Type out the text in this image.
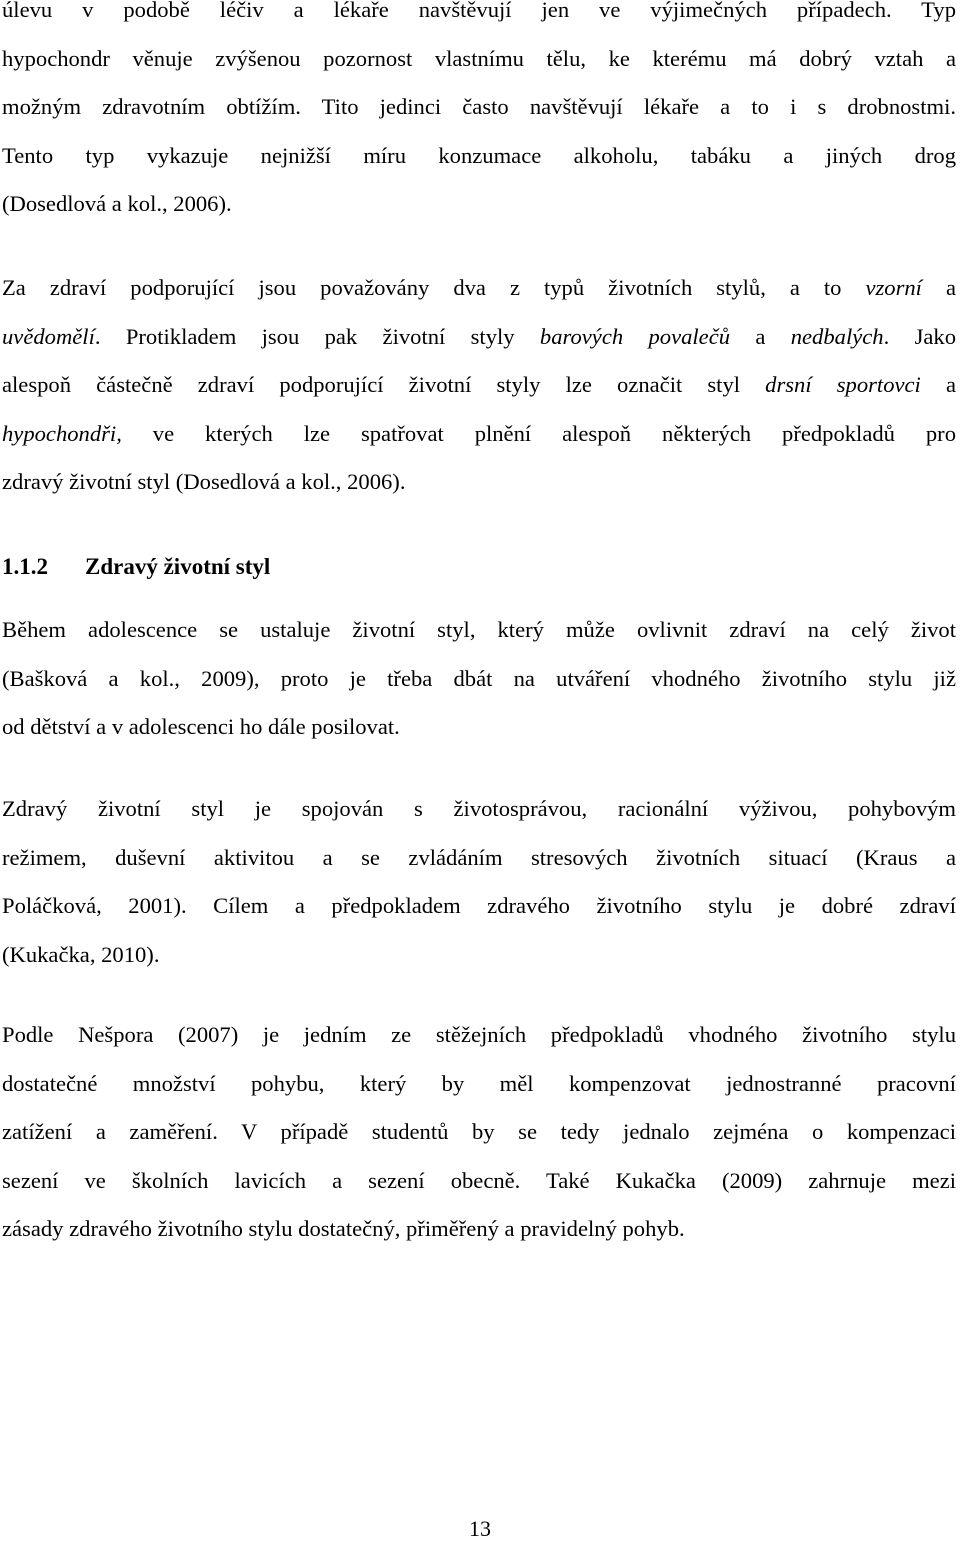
úlevu v podobě léčiv a lékaře navštěvují jen ve výjimečných případech. Typ
hypochondr věnuje zvýšenou pozornost vlastnímu tělu, ke kterému má dobrý vztah a
možným zdravotním obtížím. Tito jedinci často navštěvují lékaře a to i s drobnostmi.
Tento typ vykazuje nejnižší míru konzumace alkoholu, tabáku a jiných drog
(Dosedlová a kol., 2006).
Za zdraví podporující jsou považovány dva z typů životních stylů, a to vzorní a
uvědomělí. Protikladem jsou pak životní styly barových povalečů a nedbalých. Jako
alespoň částečně zdraví podporující životní styly lze označit styl drsní sportovci a
hypochondři, ve kterých lze spatřovat plnění alespoň některých předpokladů pro
zdravý životní styl (Dosedlová a kol., 2006).
1.1.2 Zdravý životní styl
Během adolescence se ustaluje životní styl, který může ovlivnit zdraví na celý život
(Bašková a kol., 2009), proto je třeba dbát na utváření vhodného životního stylu již
od dětství a v adolescenci ho dále posilovat.
Zdravý životní styl je spojován s životosprávou, racionální výživou, pohybovým
režimem, duševní aktivitou a se zvládáním stresových životních situací (Kraus a
Poláčková, 2001). Cílem a předpokladem zdravého životního stylu je dobré zdraví
(Kukačka, 2010).
Podle Nešpora (2007) je jedním ze stěžejních předpokladů vhodného životního stylu
dostatečné množství pohybu, který by měl kompenzovat jednostranné pracovní
zatížení a zaměření. V případě studentů by se tedy jednalo zejména o kompenzaci
sezení ve školních lavicích a sezení obecně. Také Kukačka (2009) zahrnuje mezi
zásady zdravého životního stylu dostatečný, přiměřený a pravidelný pohyb.
13
